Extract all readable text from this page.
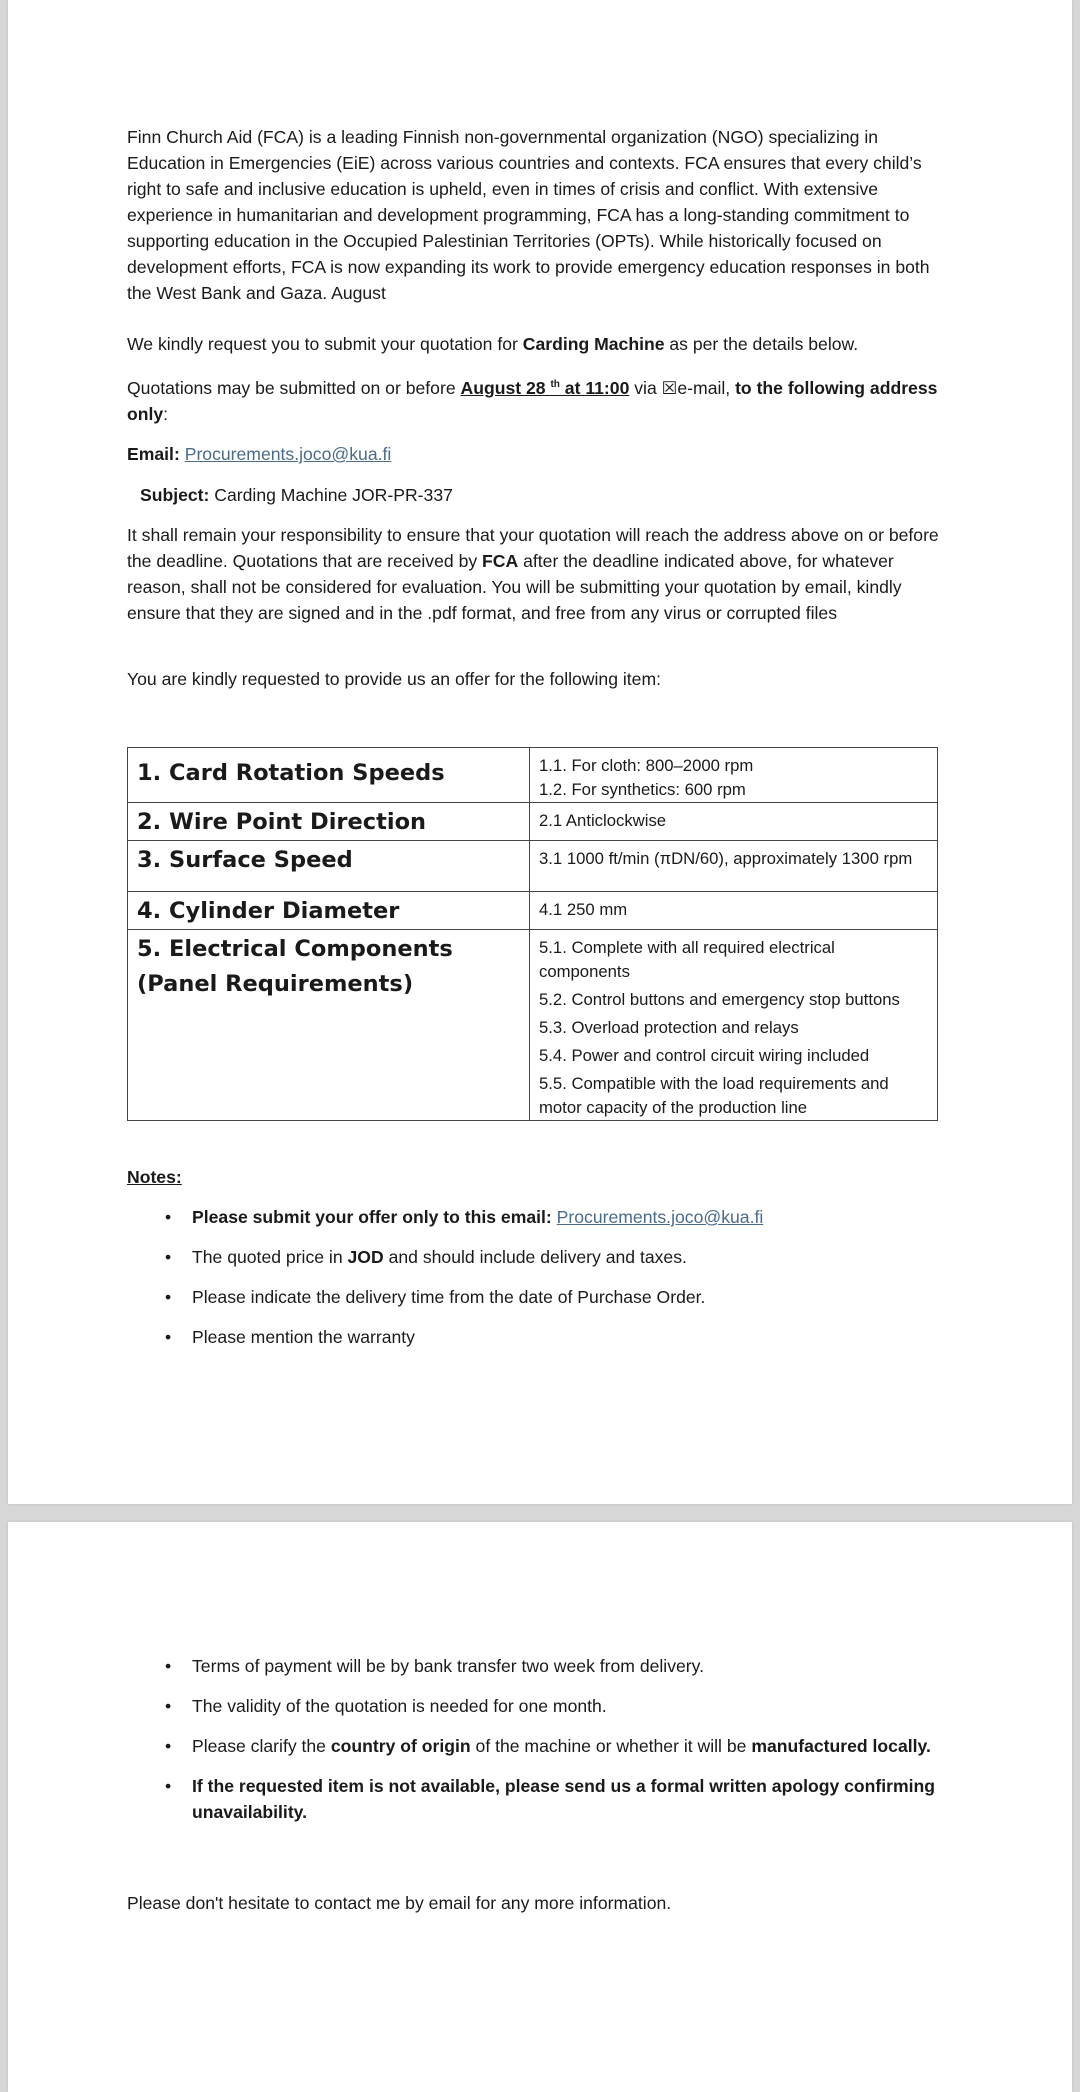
Finn Church Aid (FCA) is a leading Finnish non-governmental organization (NGO) specializing in Education in Emergencies (EiE) across various countries and contexts. FCA ensures that every child’s right to safe and inclusive education is upheld, even in times of crisis and conflict. With extensive experience in humanitarian and development programming, FCA has a long-standing commitment to supporting education in the Occupied Palestinian Territories (OPTs). While historically focused on development efforts, FCA is now expanding its work to provide emergency education responses in both the West Bank and Gaza. August

We kindly request you to submit your quotation for Carding Machine as per the details below.

Quotations may be submitted on or before August 28 $^{th}$ at 11:00 via ☒e-mail, to the following address only:

Email: Procurements.joco@kua.fi

Subject: Carding Machine JOR-PR-337

It shall remain your responsibility to ensure that your quotation will reach the address above on or before the deadline. Quotations that are received by FCA after the deadline indicated above, for whatever reason, shall not be considered for evaluation. You will be submitting your quotation by email, kindly ensure that they are signed and in the .pdf format, and free from any virus or corrupted files

You are kindly requested to provide us an offer for the following item:

1. Card Rotation Speeds	1.1. For cloth: 800–2000 rpm
1.2. For synthetics: 600 rpm

2. Wire Point Direction	2.1 Anticlockwise

3. Surface Speed	3.1 1000 ft/min (πDN/60), approximately 1300 rpm

4. Cylinder Diameter	4.1 250 mm

5. Electrical Components (Panel Requirements)	5.1. Complete with all required electrical components
5.2. Control buttons and emergency stop buttons
5.3. Overload protection and relays
5.4. Power and control circuit wiring included
5.5. Compatible with the load requirements and motor capacity of the production line

Notes:

• Please submit your offer only to this email: Procurements.joco@kua.fi
• The quoted price in JOD and should include delivery and taxes.
• Please indicate the delivery time from the date of Purchase Order.
• Please mention the warranty
• Terms of payment will be by bank transfer two week from delivery.
• The validity of the quotation is needed for one month.
• Please clarify the country of origin of the machine or whether it will be manufactured locally.
• If the requested item is not available, please send us a formal written apology confirming unavailability.

Please don't hesitate to contact me by email for any more information.
